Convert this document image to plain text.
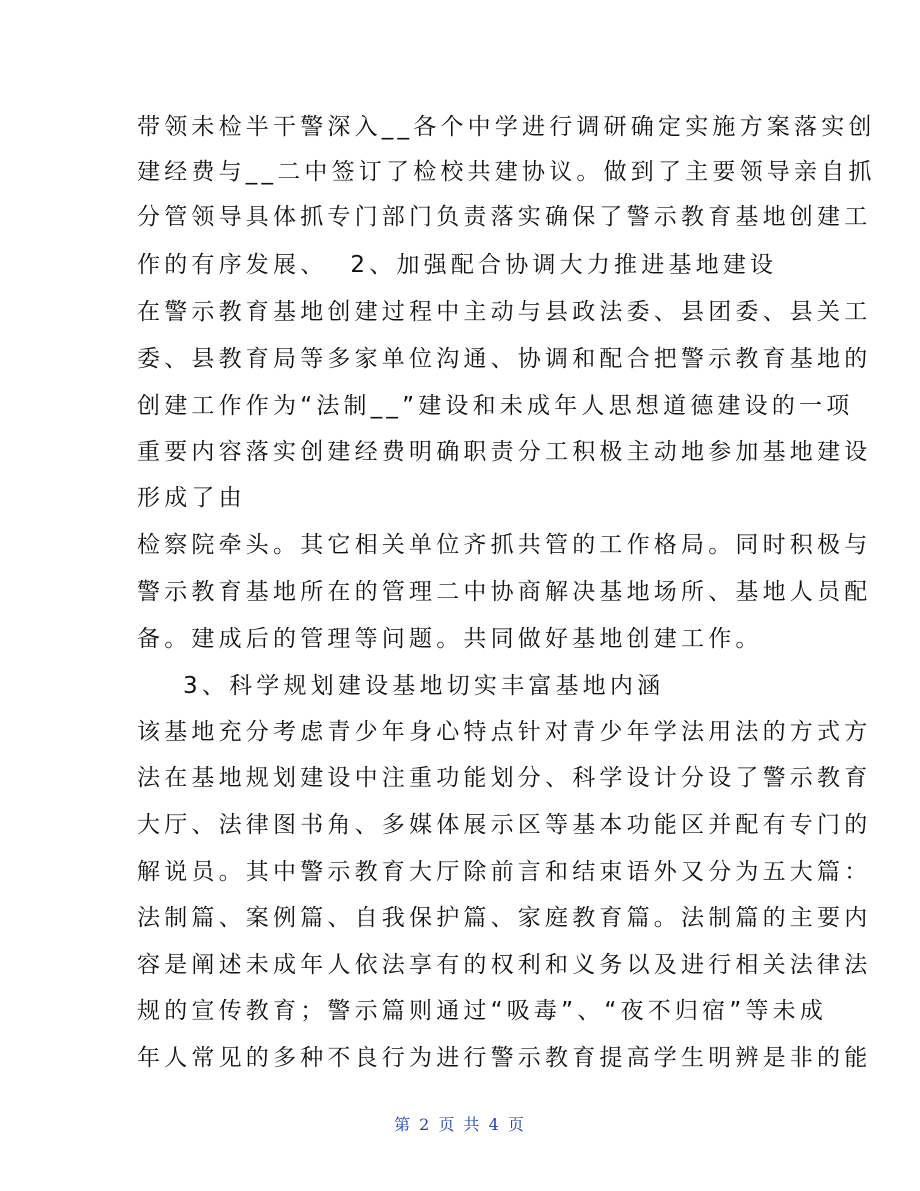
带领未检半干警深入__各个中学进行调研确定实施方案落实创
建经费与__二中签订了检校共建协议。做到了主要领导亲自抓
分管领导具体抓专门部门负责落实确保了警示教育基地创建工
作的有序发展、  2、加强配合协调大力推进基地建设
在警示教育基地创建过程中主动与县政法委、县团委、县关工
委、县教育局等多家单位沟通、协调和配合把警示教育基地的
创建工作作为“法制__”建设和未成年人思想道德建设的一项
重要内容落实创建经费明确职责分工积极主动地参加基地建设
形成了由
检察院牵头。其它相关单位齐抓共管的工作格局。同时积极与
警示教育基地所在的管理二中协商解决基地场所、基地人员配
备。建成后的管理等问题。共同做好基地创建工作。
3、科学规划建设基地切实丰富基地内涵
该基地充分考虑青少年身心特点针对青少年学法用法的方式方
法在基地规划建设中注重功能划分、科学设计分设了警示教育
大厅、法律图书角、多媒体展示区等基本功能区并配有专门的
解说员。其中警示教育大厅除前言和结束语外又分为五大篇：
法制篇、案例篇、自我保护篇、家庭教育篇。法制篇的主要内
容是阐述未成年人依法享有的权利和义务以及进行相关法律法
规的宣传教育；警示篇则通过“吸毒”、“夜不归宿”等未成
年人常见的多种不良行为进行警示教育提高学生明辨是非的能
第 2 页 共 4 页
